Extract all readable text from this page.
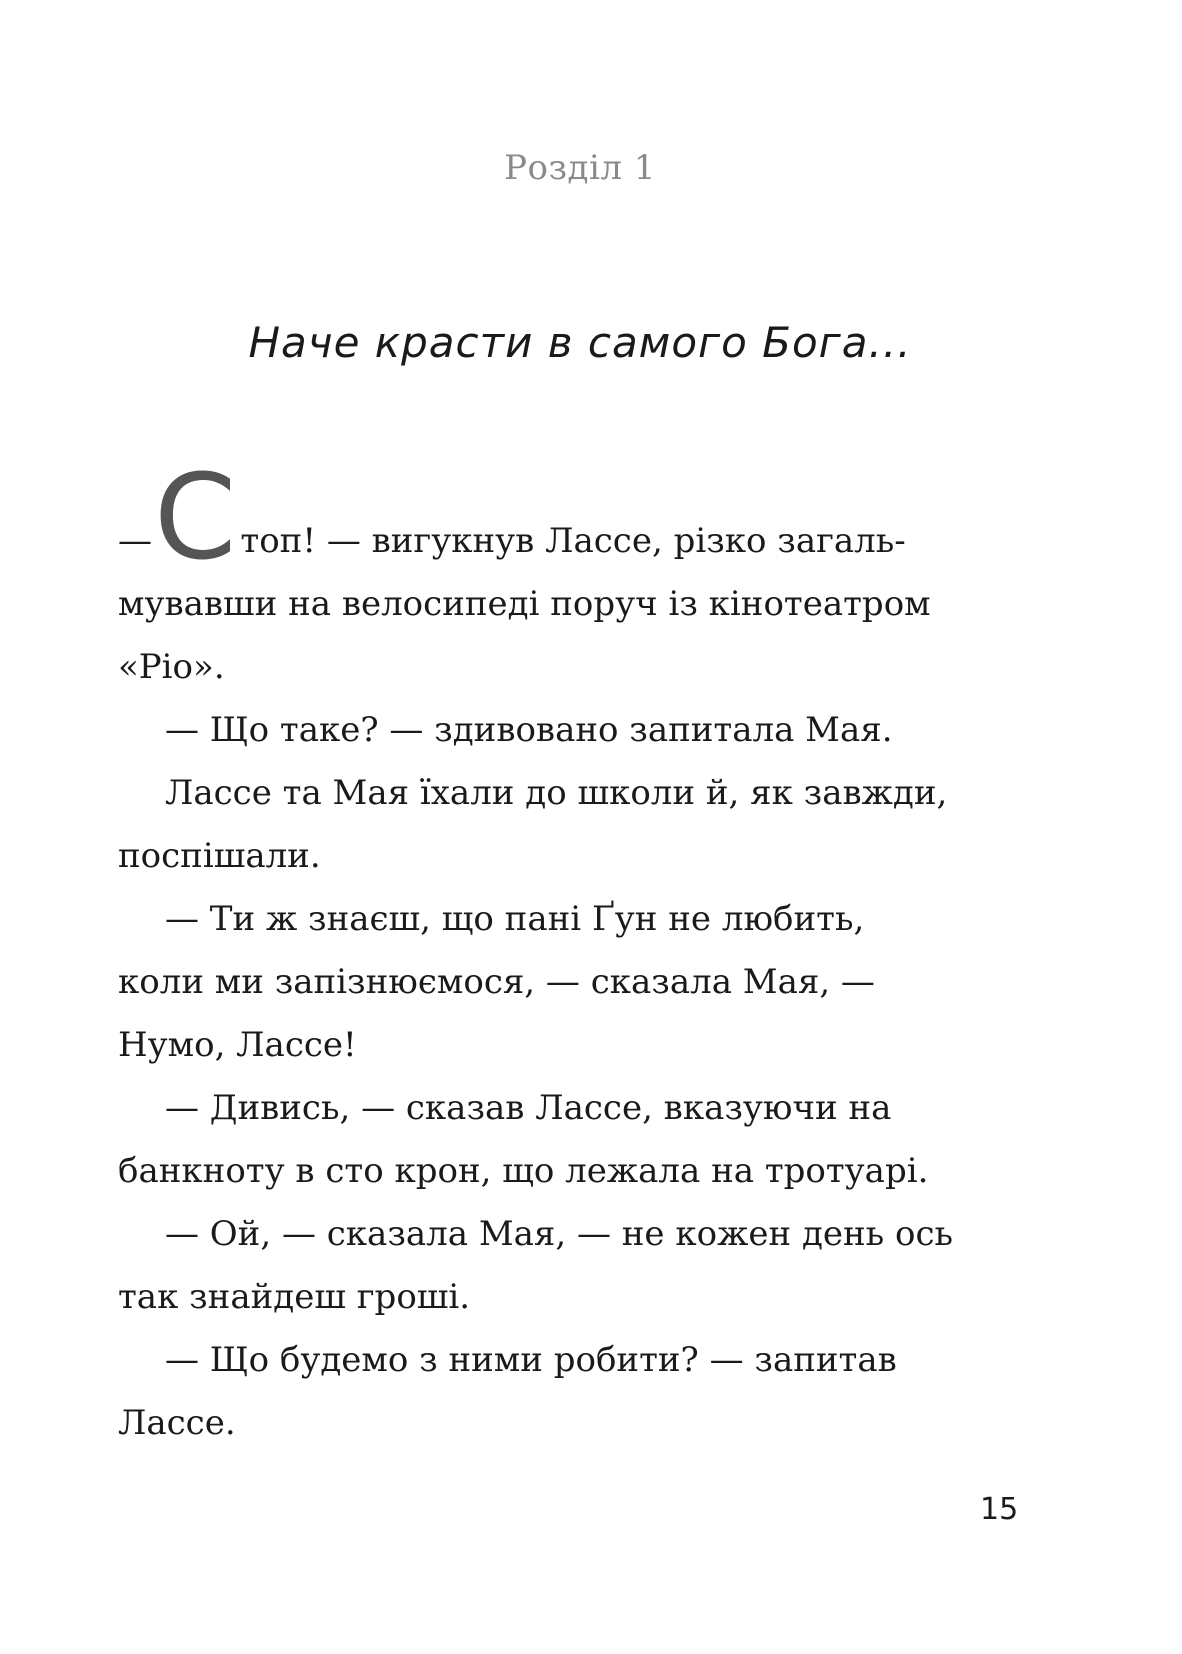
Розділ 1
Наче красти в самого Бога...

—С топ! — вигукнув Лассе, різко загаль-

мувавши на велосипеді поруч із кінотеатром

«Ріо».

— Що таке? — здивовано запитала Мая.

Лассе та Мая їхали до школи й, як завжди,

поспішали.

— Ти ж знаєш, що пані Ґун не любить,

коли ми запізнюємося, — сказала Мая, —

Нумо, Лассе!

— Дивись, — сказав Лассе, вказуючи на

банкноту в сто крон, що лежала на тротуарі.

— Ой, — сказала Мая, — не кожен день ось

так знайдеш гроші.

— Що будемо з ними робити? — запитав

Лассе.

15
